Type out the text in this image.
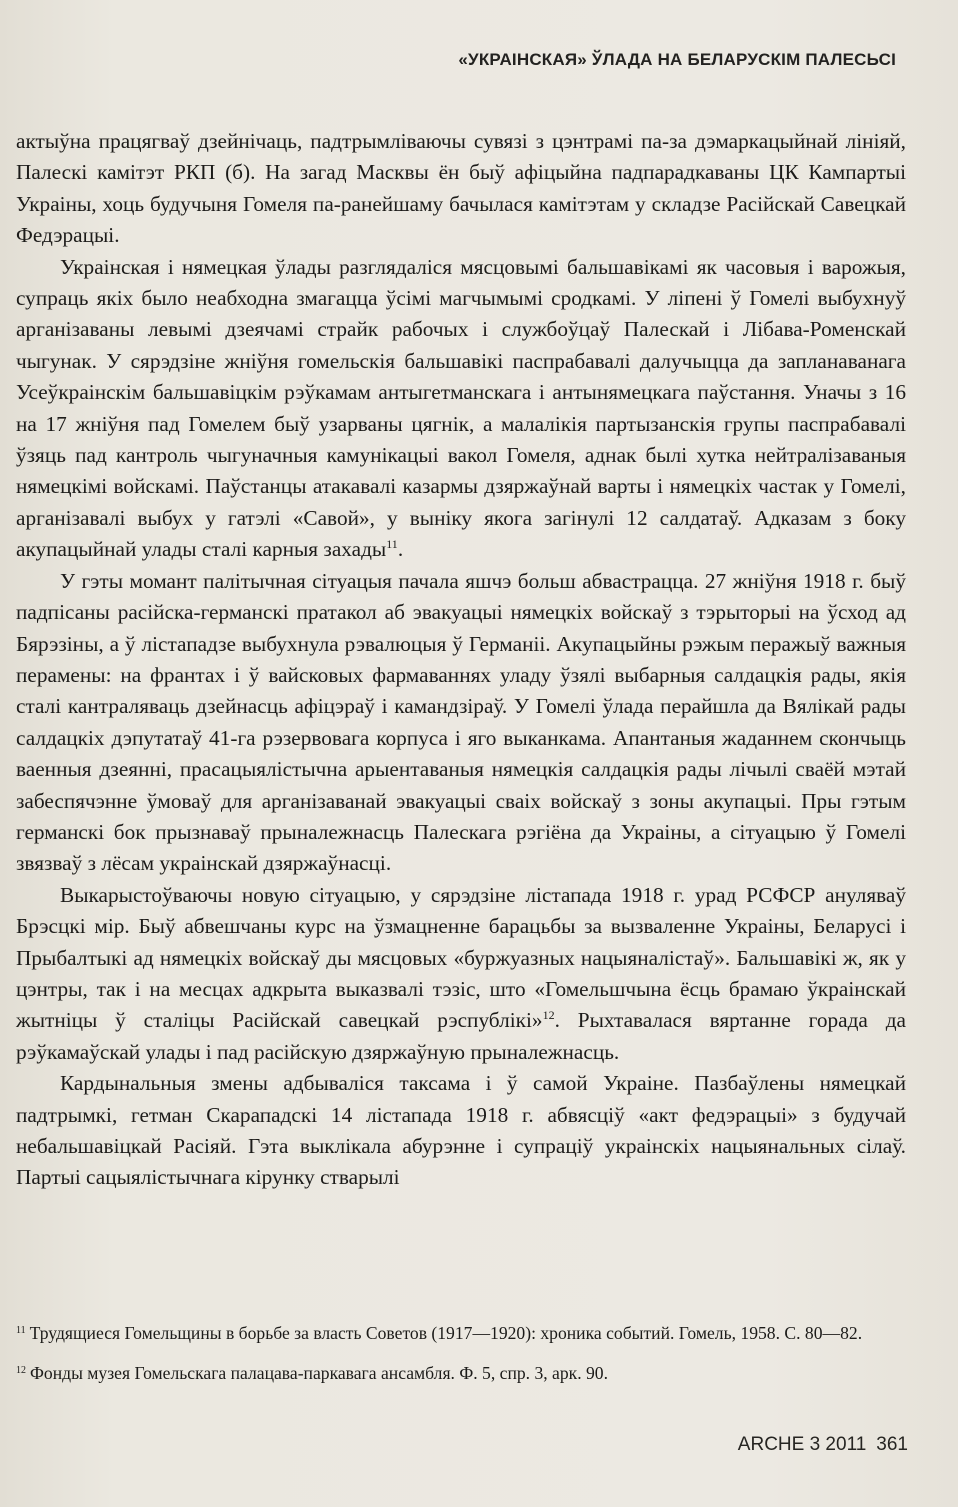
«УКРАІНСКАЯ» ЎЛАДА НА БЕЛАРУСКІМ ПАЛЕСЬСІ

актыўна працягваў дзейнічаць, падтрымліваючы сувязі з цэнтрамі па-за дэмаркацыйнай лініяй, Палескі камітэт РКП (б). На загад Масквы ён быў афіцыйна падпарадкаваны ЦК Кампартыі Украіны, хоць будучыня Гомеля па-ранейшаму бачылася камітэтам у складзе Расійскай Савецкай Федэрацыі.

Украінская і нямецкая ўлады разглядаліся мясцовымі бальшавікамі як часовыя і варожыя, супраць якіх было неабходна змагацца ўсімі магчымымі сродкамі. У ліпені ў Гомелі выбухнуў арганізаваны левымі дзеячамі страйк рабочых і службоўцаў Палескай і Лібава-Роменскай чыгунак. У сярэдзіне жніўня гомельскія бальшавікі паспрабавалі далучыцца да запланаванага Усеўкраінскім бальшавіцкім рэўкамам антыгетманскага і антынямецкага паўстання. Уначы з 16 на 17 жніўня пад Гомелем быў узарваны цягнік, а малалікія партызанскія групы паспрабавалі ўзяць пад кантроль чыгуначныя камунікацыі вакол Гомеля, аднак былі хутка нейтралізаваныя нямецкімі войскамі. Паўстанцы атакавалі казармы дзяржаўнай варты і нямецкіх частак у Гомелі, арганізавалі выбух у гатэлі «Савой», у выніку якога загінулі 12 салдатаў. Адказам з боку акупацыйнай улады сталі карныя захады$^{11}$.

У гэты момант палітычная сітуацыя пачала яшчэ больш абвастрацца. 27 жніўня 1918 г. быў падпісаны расійска-германскі пратакол аб эвакуацыі нямецкіх войскаў з тэрыторыі на ўсход ад Бярэзіны, а ў лістападзе выбухнула рэвалюцыя ў Германіі. Акупацыйны рэжым перажыў важныя перамены: на франтах і ў вайсковых фармаваннях уладу ўзялі выбарныя салдацкія рады, якія сталі кантраляваць дзейнасць афіцэраў і камандзіраў. У Гомелі ўлада перайшла да Вялікай рады салдацкіх дэпутатаў 41-га рэзервовага корпуса і яго выканкама. Апантаныя жаданнем скончыць ваенныя дзеянні, прасацыялістычна арыентаваныя нямецкія салдацкія рады лічылі сваёй мэтай забеспячэнне ўмоваў для арганізаванай эвакуацыі сваіх войскаў з зоны акупацыі. Пры гэтым германскі бок прызнаваў прыналежнасць Палескага рэгіёна да Украіны, а сітуацыю ў Гомелі звязваў з лёсам украінскай дзяржаўнасці.

Выкарыстоўваючы новую сітуацыю, у сярэдзіне лістапада 1918 г. урад РСФСР ануляваў Брэсцкі мір. Быў абвешчаны курс на ўзмацненне барацьбы за вызваленне Украіны, Беларусі і Прыбалтыкі ад нямецкіх войскаў ды мясцовых «буржуазных нацыяналістаў». Бальшавікі ж, як у цэнтры, так і на месцах адкрыта выказвалі тэзіс, што «Гомельшчына ёсць брамаю ўкраінскай жытніцы ў сталіцы Расійскай савецкай рэспублікі»$^{12}$. Рыхтавалася вяртанне горада да рэўкамаўскай улады і пад расійскую дзяржаўную прыналежнасць.

Кардынальныя змены адбываліся таксама і ў самой Украіне. Пазбаўлены нямецкай падтрымкі, гетман Скарападскі 14 лістапада 1918 г. абвясціў «акт федэрацыі» з будучай небальшавіцкай Расіяй. Гэта выклікала абурэнне і супраціў украінскіх нацыянальных сілаў. Партыі сацыялістычнага кірунку стварылі

$^{11}$ Трудящиеся Гомельщины в борьбе за власть Советов (1917—1920): хроника событий. Гомель, 1958. С. 80—82.

$^{12}$ Фонды музея Гомельскага палацава-паркавага ансамбля. Ф. 5, спр. 3, арк. 90.

ARCHE 3 2011 361
